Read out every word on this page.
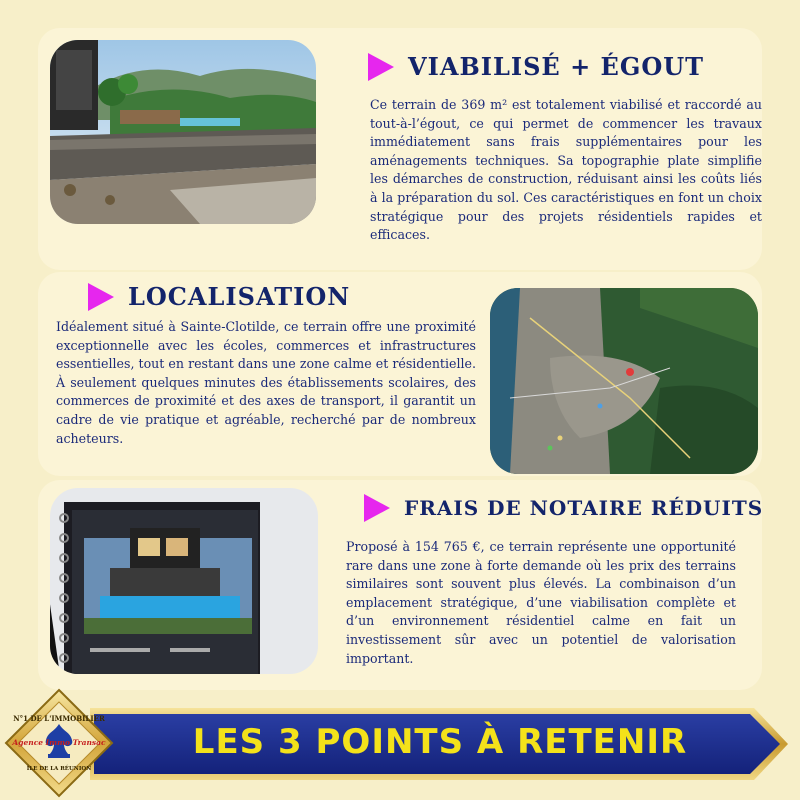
VIABILISÉ + ÉGOUT

Ce terrain de 369 m² est totalement viabilisé et raccordé au tout-à-l’égout, ce qui permet de commencer les travaux immédiatement sans frais supplémentaires pour les aménagements techniques. Sa topographie plate simplifie les démarches de construction, réduisant ainsi les coûts liés à la préparation du sol. Ces caractéristiques en font un choix stratégique pour des projets résidentiels rapides et efficaces.

LOCALISATION

Idéalement situé à Sainte-Clotilde, ce terrain offre une proximité exceptionnelle avec les écoles, commerces et infrastructures essentielles, tout en restant dans une zone calme et résidentielle. À seulement quelques minutes des établissements scolaires, des commerces de proximité et des axes de transport, il garantit un cadre de vie pratique et agréable, recherché par de nombreux acheteurs.

FRAIS DE NOTAIRE RÉDUITS

Proposé à 154 765 €, ce terrain représente une opportunité rare dans une zone à forte demande où les prix des terrains similaires sont souvent plus élevés. La combinaison d’un emplacement stratégique, d’une viabilisation complète et d’un environnement résidentiel calme en fait un investissement sûr avec un potentiel de valorisation important.

LES 3 POINTS À RETENIR
N°1 DE L'IMMOBILIER
Agence Immo Transac
ÎLE DE LA RÉUNION
